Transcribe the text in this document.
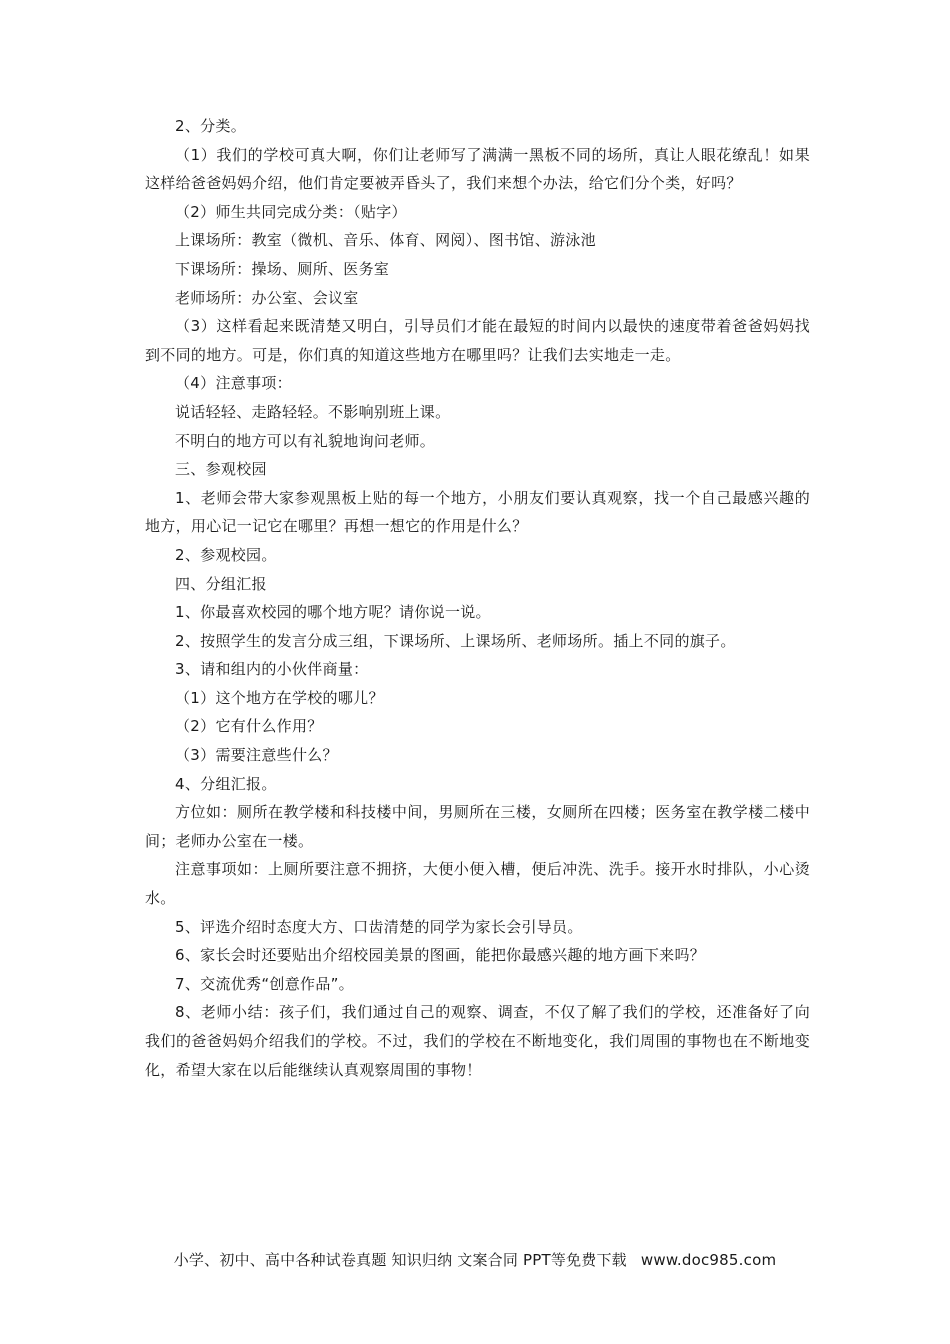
2、分类。

（1）我们的学校可真大啊，你们让老师写了满满一黑板不同的场所，真让人眼花缭乱！如果这样给爸爸妈妈介绍，他们肯定要被弄昏头了，我们来想个办法，给它们分个类，好吗？

（2）师生共同完成分类：（贴字）

上课场所：教室（微机、音乐、体育、网阅）、图书馆、游泳池

下课场所：操场、厕所、医务室

老师场所：办公室、会议室

（3）这样看起来既清楚又明白，引导员们才能在最短的时间内以最快的速度带着爸爸妈妈找到不同的地方。可是，你们真的知道这些地方在哪里吗？让我们去实地走一走。

（4）注意事项：

说话轻轻、走路轻轻。不影响别班上课。

不明白的地方可以有礼貌地询问老师。

三、参观校园

1、老师会带大家参观黑板上贴的每一个地方，小朋友们要认真观察，找一个自己最感兴趣的地方，用心记一记它在哪里？再想一想它的作用是什么？

2、参观校园。

四、分组汇报

1、你最喜欢校园的哪个地方呢？请你说一说。

2、按照学生的发言分成三组，下课场所、上课场所、老师场所。插上不同的旗子。

3、请和组内的小伙伴商量：

（1）这个地方在学校的哪儿？

（2）它有什么作用？

（3）需要注意些什么？

4、分组汇报。

方位如：厕所在教学楼和科技楼中间，男厕所在三楼，女厕所在四楼；医务室在教学楼二楼中间；老师办公室在一楼。

注意事项如：上厕所要注意不拥挤，大便小便入槽，便后冲洗、洗手。接开水时排队，小心烫水。

5、评选介绍时态度大方、口齿清楚的同学为家长会引导员。

6、家长会时还要贴出介绍校园美景的图画，能把你最感兴趣的地方画下来吗？

7、交流优秀“创意作品”。

8、老师小结：孩子们，我们通过自己的观察、调查，不仅了解了我们的学校，还准备好了向我们的爸爸妈妈介绍我们的学校。不过，我们的学校在不断地变化，我们周围的事物也在不断地变化，希望大家在以后能继续认真观察周围的事物！

小学、初中、高中各种试卷真题 知识归纳 文案合同 PPT等免费下载 www.doc985.com
